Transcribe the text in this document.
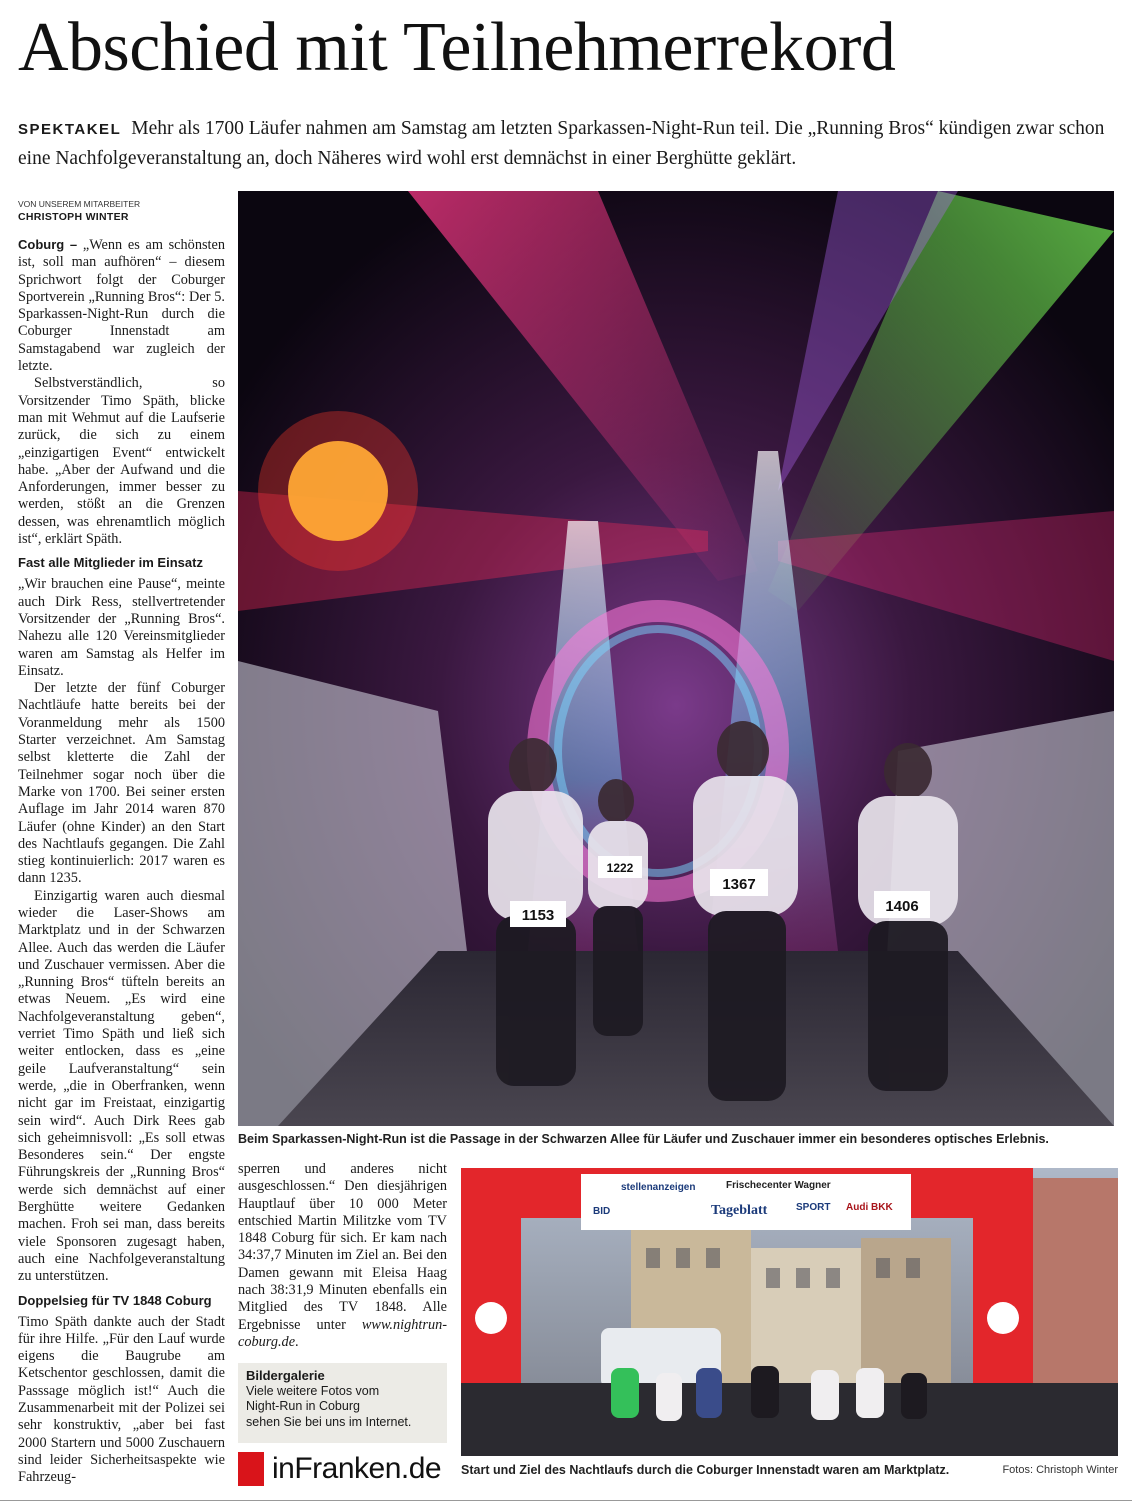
Abschied mit Teilnehmerrekord
SPEKTAKEL Mehr als 1700 Läufer nahmen am Samstag am letzten Sparkassen-Night-Run teil. Die „Running Bros“ kündigen zwar schon eine Nachfolgeveranstaltung an, doch Näheres wird wohl erst demnächst in einer Berghütte geklärt.
VON UNSEREM MITARBEITER
CHRISTOPH WINTER

Coburg – „Wenn es am schönsten ist, soll man aufhören“ – diesem Sprichwort folgt der Coburger Sportverein „Running Bros“: Der 5. Sparkassen-Night-Run durch die Coburger Innenstadt am Samstagabend war zugleich der letzte.

Selbstverständlich, so Vorsitzender Timo Späth, blicke man mit Wehmut auf die Laufserie zurück, die sich zu einem „einzigartigen Event“ entwickelt habe. „Aber der Aufwand und die Anforderungen, immer besser zu werden, stößt an die Grenzen dessen, was ehrenamtlich möglich ist“, erklärt Späth.

Fast alle Mitglieder im Einsatz

„Wir brauchen eine Pause“, meinte auch Dirk Ress, stellvertretender Vorsitzender der „Running Bros“. Nahezu alle 120 Vereinsmitglieder waren am Samstag als Helfer im Einsatz.

Der letzte der fünf Coburger Nachtläufe hatte bereits bei der Voranmeldung mehr als 1500 Starter verzeichnet. Am Samstag selbst kletterte die Zahl der Teilnehmer sogar noch über die Marke von 1700. Bei seiner ersten Auflage im Jahr 2014 waren 870 Läufer (ohne Kinder) an den Start des Nachtlaufs gegangen. Die Zahl stieg kontinuierlich: 2017 waren es dann 1235.

Einzigartig waren auch diesmal wieder die Laser-Shows am Marktplatz und in der Schwarzen Allee. Auch das werden die Läufer und Zuschauer vermissen. Aber die „Running Bros“ tüfteln bereits an etwas Neuem. „Es wird eine Nachfolgeveranstaltung geben“, verriet Timo Späth und ließ sich weiter entlocken, dass es „eine geile Laufveranstaltung“ sein werde, „die in Oberfranken, wenn nicht gar im Freistaat, einzigartig sein wird“. Auch Dirk Rees gab sich geheimnisvoll: „Es soll etwas Besonderes sein.“ Der engste Führungskreis der „Running Bros“ werde sich demnächst auf einer Berghütte weitere Gedanken machen. Froh sei man, dass bereits viele Sponsoren zugesagt haben, auch eine Nachfolgeveranstaltung zu unterstützen.

Doppelsieg für TV 1848 Coburg

Timo Späth dankte auch der Stadt für ihre Hilfe. „Für den Lauf wurde eigens die Baugrube am Ketschentor geschlossen, damit die Passsage möglich ist!“ Auch die Zusammenarbeit mit der Polizei sei sehr konstruktiv, „aber bei fast 2000 Startern und 5000 Zuschauern sind leider Sicherheitsaspekte wie Fahrzeug-

1153
1222
1367
1406
Beim Sparkassen-Night-Run ist die Passage in der Schwarzen Allee für Läufer und Zuschauer immer ein besonderes optisches Erlebnis.
sperren und anderes nicht ausgeschlossen.“ Den diesjährigen Hauptlauf über 10 000 Meter entschied Martin Militzke vom TV 1848 Coburg für sich. Er kam nach 34:37,7 Minuten im Ziel an. Bei den Damen gewann mit Eleisa Haag nach 38:31,9 Minuten ebenfalls ein Mitglied des TV 1848. Alle Ergebnisse unter www.nightrun-coburg.de.
Bildergalerie
Viele weitere Fotos vom
Night-Run in Coburg
sehen Sie bei uns im Internet.
inFranken.de
stellenanzeigen	Frischecenter Wagner
BID	Tageblatt	SPORT Audi BKK
Start und Ziel des Nachtlaufs durch die Coburger Innenstadt waren am Marktplatz.	Fotos: Christoph Winter
